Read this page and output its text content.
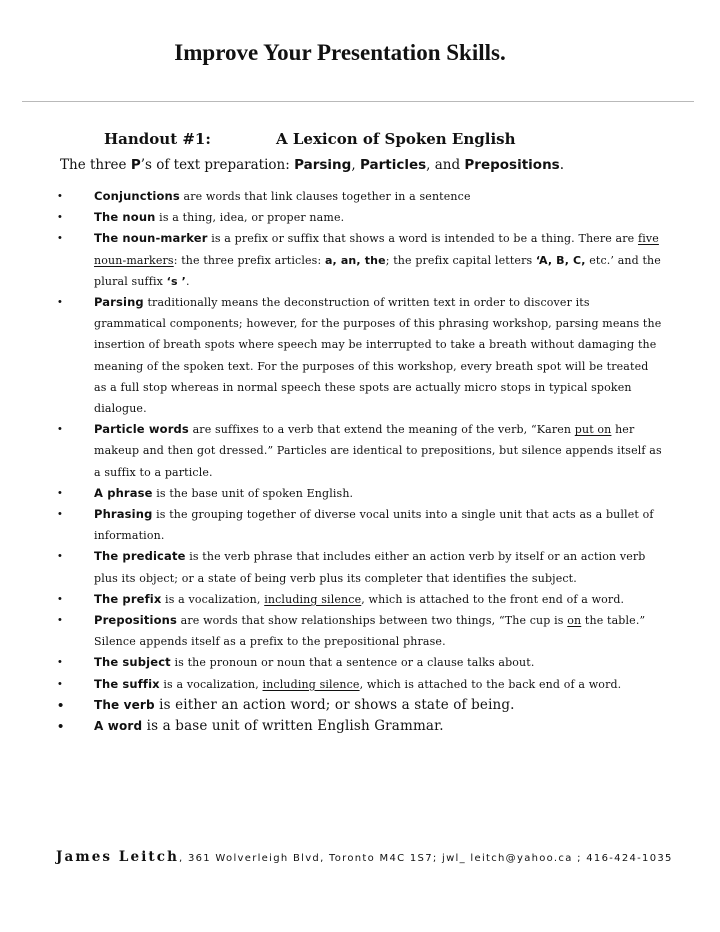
Improve Your Presentation Skills.
Handout #1:	A Lexicon of Spoken English

The three P’s of text preparation: Parsing, Particles, and Prepositions.

•	Conjunctions are words that link clauses together in a sentence
•	The noun is a thing, idea, or proper name.
•	The noun-marker is a prefix or suffix that shows a word is intended to be a thing. There are five noun-markers: the three prefix articles: a, an, the; the prefix capital letters ‘A, B, C, etc.’ and the plural suffix ‘s ’.
•	Parsing traditionally means the deconstruction of written text in order to discover its grammatical components; however, for the purposes of this phrasing workshop, parsing means the insertion of breath spots where speech may be interrupted to take a breath without damaging the meaning of the spoken text. For the purposes of this workshop, every breath spot will be treated as a full stop whereas in normal speech these spots are actually micro stops in typical spoken dialogue.
•	Particle words are suffixes to a verb that extend the meaning of the verb, “Karen put on her makeup and then got dressed.” Particles are identical to prepositions, but silence appends itself as a suffix to a particle.
•	A phrase is the base unit of spoken English.
•	Phrasing is the grouping together of diverse vocal units into a single unit that acts as a bullet of information.
•	The predicate is the verb phrase that includes either an action verb by itself or an action verb plus its object; or a state of being verb plus its completer that identifies the subject.
•	The prefix is a vocalization, including silence, which is attached to the front end of a word.
•	Prepositions are words that show relationships between two things, “The cup is on the table.” Silence appends itself as a prefix to the prepositional phrase.
•	The subject is the pronoun or noun that a sentence or a clause talks about.
•	The suffix is a vocalization, including silence, which is attached to the back end of a word.
•	The verb is either an action word; or shows a state of being.
•	A word is a base unit of written English Grammar.

James Leitch, 361 Wolverleigh Blvd, Toronto M4C 1S7; jwl_ leitch@yahoo.ca ; 416-424-1035
